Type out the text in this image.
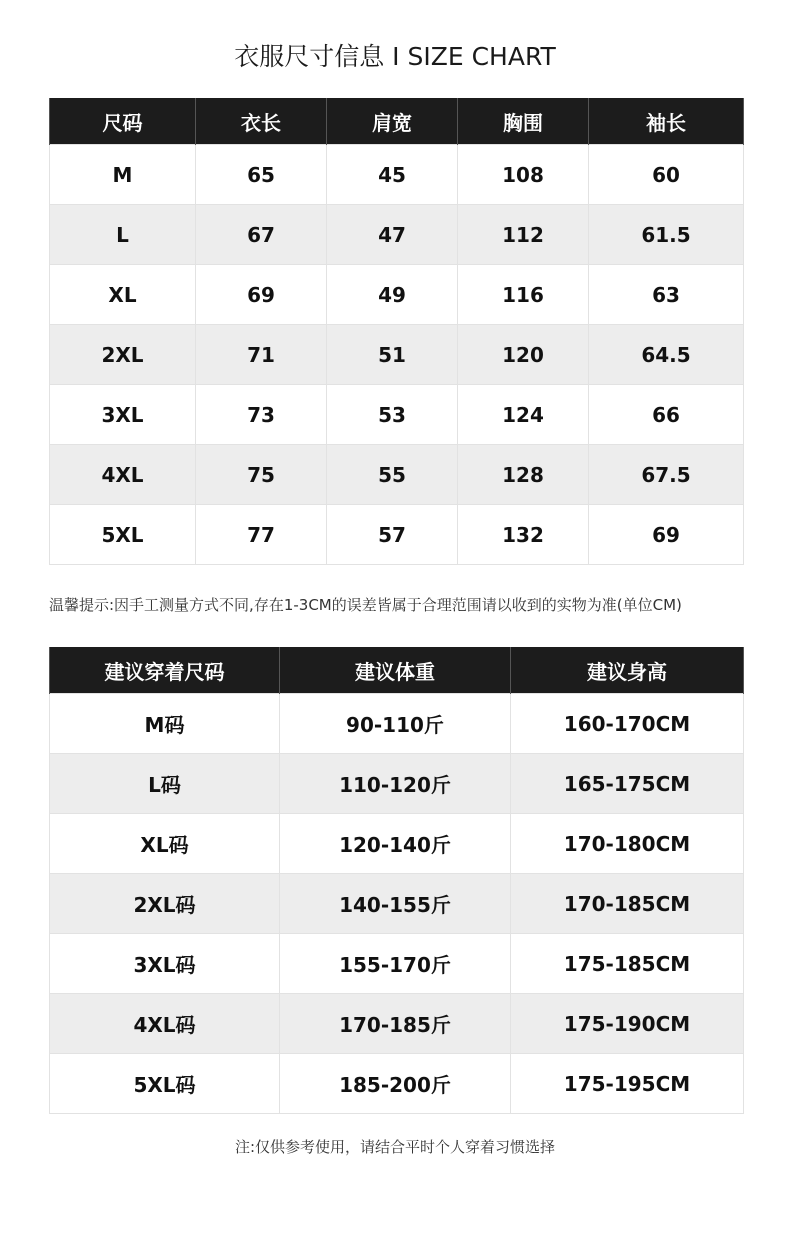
衣服尺寸信息 I SIZE CHART
尺码	衣长	肩宽	胸围	袖长
M	65	45	108	60
L	67	47	112	61.5
XL	69	49	116	63
2XL	71	51	120	64.5
3XL	73	53	124	66
4XL	75	55	128	67.5
5XL	77	57	132	69
温馨提示:因手工测量方式不同,存在1-3CM的误差皆属于合理范围请以收到的实物为准(单位CM)
建议穿着尺码	建议体重	建议身高
M码	90-110斤	160-170CM
L码	110-120斤	165-175CM
XL码	120-140斤	170-180CM
2XL码	140-155斤	170-185CM
3XL码	155-170斤	175-185CM
4XL码	170-185斤	175-190CM
5XL码	185-200斤	175-195CM
注:仅供参考使用，请结合平时个人穿着习惯选择
